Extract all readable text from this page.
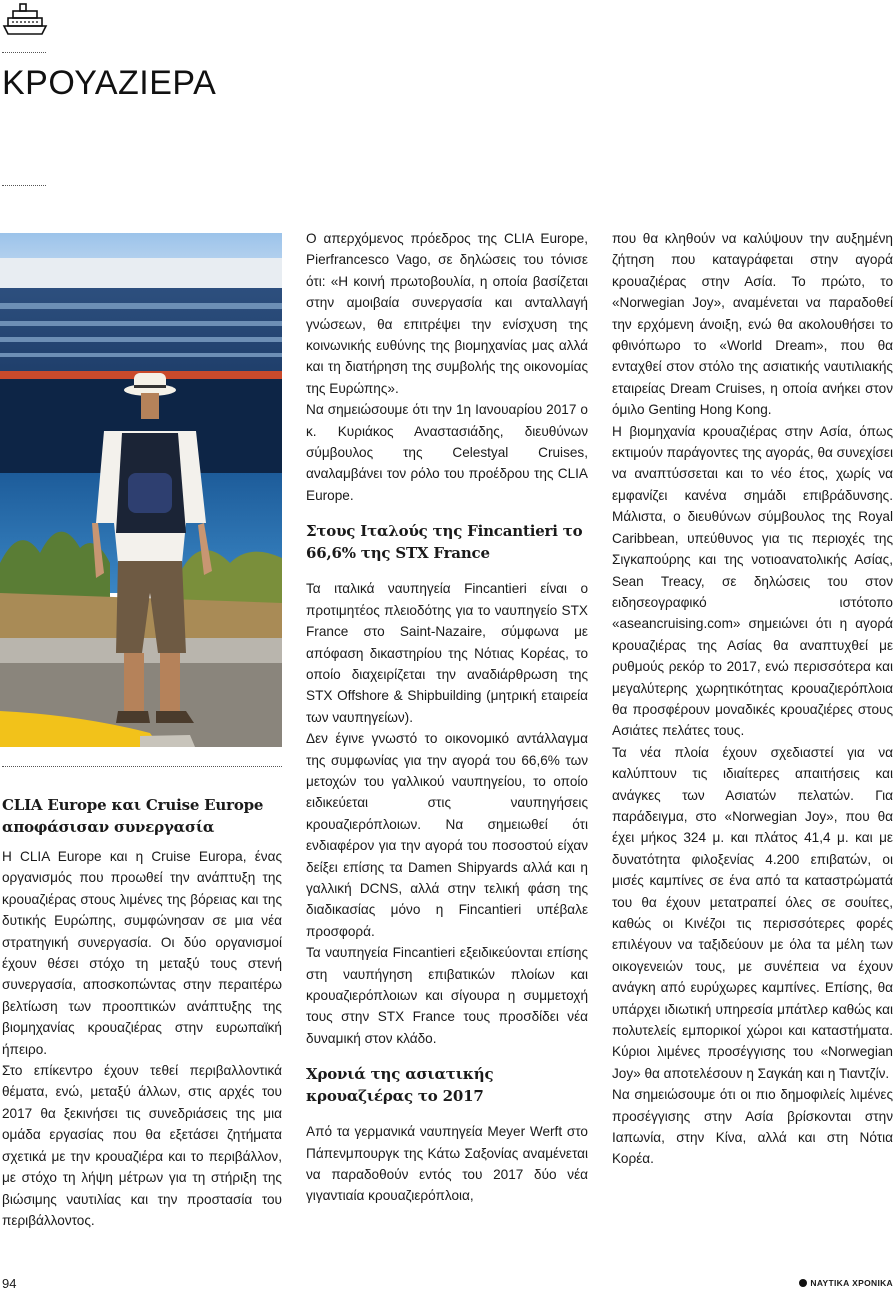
ΚΡΟΥΑΖΙΕΡΑ
CLIA Europe και Cruise Europe αποφάσισαν συνεργασία

Η CLIA Europe και η Cruise Europa, ένας οργανισμός που προωθεί την ανάπτυξη της κρουαζιέρας στους λιμένες της βόρειας και της δυτικής Ευρώπης, συμφώνησαν σε μια νέα στρατηγική συνεργασία. Οι δύο οργανισμοί έχουν θέσει στόχο τη μεταξύ τους στενή συνεργασία, αποσκοπώντας στην περαιτέρω βελτίωση των προοπτικών ανάπτυξης της βιομηχανίας κρουαζιέρας στην ευρωπαϊκή ήπειρο.

Στο επίκεντρο έχουν τεθεί περιβαλλοντικά θέματα, ενώ, μεταξύ άλλων, στις αρχές του 2017 θα ξεκινήσει τις συνεδριάσεις της μια ομάδα εργασίας που θα εξετάσει ζητήματα σχετικά με την κρουαζιέρα και το περιβάλλον, με στόχο τη λήψη μέτρων για τη στήριξη της βιώσιμης ναυτιλίας και την προστασία του περιβάλλοντος.

Ο απερχόμενος πρόεδρος της CLIA Europe, Pierfrancesco Vago, σε δηλώσεις του τόνισε ότι: «Η κοινή πρωτοβουλία, η οποία βασίζεται στην αμοιβαία συνεργασία και ανταλλαγή γνώσεων, θα επιτρέψει την ενίσχυση της κοινωνικής ευθύνης της βιομηχανίας μας αλλά και τη διατήρηση της συμβολής της οικονομίας της Ευρώπης».

Να σημειώσουμε ότι την 1η Ιανουαρίου 2017 ο κ. Κυριάκος Αναστασιάδης, διευθύνων σύμβουλος της Celestyal Cruises, αναλαμβάνει τον ρόλο του προέδρου της CLIA Europe.

Στους Ιταλούς της Fincantieri το 66,6% της STX France

Τα ιταλικά ναυπηγεία Fincantieri είναι ο προτιμητέος πλειοδότης για το ναυπηγείο STX France στο Saint-Nazaire, σύμφωνα με απόφαση δικαστηρίου της Νότιας Κορέας, το οποίο διαχειρίζεται την αναδιάρθρωση της STX Offshore & Shipbuilding (μητρική εταιρεία των ναυπηγείων).

Δεν έγινε γνωστό το οικονομικό αντάλλαγμα της συμφωνίας για την αγορά του 66,6% των μετοχών του γαλλικού ναυπηγείου, το οποίο ειδικεύεται στις ναυπηγήσεις κρουαζιερόπλοιων. Να σημειωθεί ότι ενδιαφέρον για την αγορά του ποσοστού είχαν δείξει επίσης τα Damen Shipyards αλλά και η γαλλική DCNS, αλλά στην τελική φάση της διαδικασίας μόνο η Fincantieri υπέβαλε προσφορά.

Τα ναυπηγεία Fincantieri εξειδικεύονται επίσης στη ναυπήγηση επιβατικών πλοίων και κρουαζιερόπλοιων και σίγουρα η συμμετοχή τους στην STX France τους προσδίδει νέα δυναμική στον κλάδο.

Χρονιά της ασιατικής κρουαζιέρας το 2017

Από τα γερμανικά ναυπηγεία Meyer Werft στο Πάπενμπουργκ της Κάτω Σαξονίας αναμένεται να παραδοθούν εντός του 2017 δύο νέα γιγαντιαία κρουαζιερόπλοια,

που θα κληθούν να καλύψουν την αυξημένη ζήτηση που καταγράφεται στην αγορά κρουαζιέρας στην Ασία. Το πρώτο, το «Norwegian Joy», αναμένεται να παραδοθεί την ερχόμενη άνοιξη, ενώ θα ακολουθήσει το φθινόπωρο το «World Dream», που θα ενταχθεί στον στόλο της ασιατικής ναυτιλιακής εταιρείας Dream Cruises, η οποία ανήκει στον όμιλο Genting Hong Kong.

Η βιομηχανία κρουαζιέρας στην Ασία, όπως εκτιμούν παράγοντες της αγοράς, θα συνεχίσει να αναπτύσσεται και το νέο έτος, χωρίς να εμφανίζει κανένα σημάδι επιβράδυνσης. Μάλιστα, ο διευθύνων σύμβουλος της Royal Caribbean, υπεύθυνος για τις περιοχές της Σιγκαπούρης και της νοτιοανατολικής Ασίας, Sean Treacy, σε δηλώσεις του στον ειδησεογραφικό ιστότοπο «aseancruising.com» σημειώνει ότι η αγορά κρουαζιέρας της Ασίας θα αναπτυχθεί με ρυθμούς ρεκόρ το 2017, ενώ περισσότερα και μεγαλύτερης χωρητικότητας κρουαζιερόπλοια θα προσφέρουν μοναδικές κρουαζιέρες στους Ασιάτες πελάτες τους.

Τα νέα πλοία έχουν σχεδιαστεί για να καλύπτουν τις ιδιαίτερες απαιτήσεις και ανάγκες των Ασιατών πελατών. Για παράδειγμα, στο «Norwegian Joy», που θα έχει μήκος 324 μ. και πλάτος 41,4 μ. και με δυνατότητα φιλοξενίας 4.200 επιβατών, οι μισές καμπίνες σε ένα από τα καταστρώματά του θα έχουν μετατραπεί όλες σε σουίτες, καθώς οι Κινέζοι τις περισσότερες φορές επιλέγουν να ταξιδεύουν με όλα τα μέλη των οικογενειών τους, με συνέπεια να έχουν ανάγκη από ευρύχωρες καμπίνες. Επίσης, θα υπάρχει ιδιωτική υπηρεσία μπάτλερ καθώς και πολυτελείς εμπορικοί χώροι και καταστήματα. Κύριοι λιμένες προσέγγισης του «Norwegian Joy» θα αποτελέσουν η Σαγκάη και η Τιαντζίν.

Να σημειώσουμε ότι οι πιο δημοφιλείς λιμένες προσέγγισης στην Ασία βρίσκονται στην Ιαπωνία, στην Κίνα, αλλά και στη Νότια Κορέα.

94	ΝΑΥΤΙΚΑ ΧΡΟΝΙΚΑ
